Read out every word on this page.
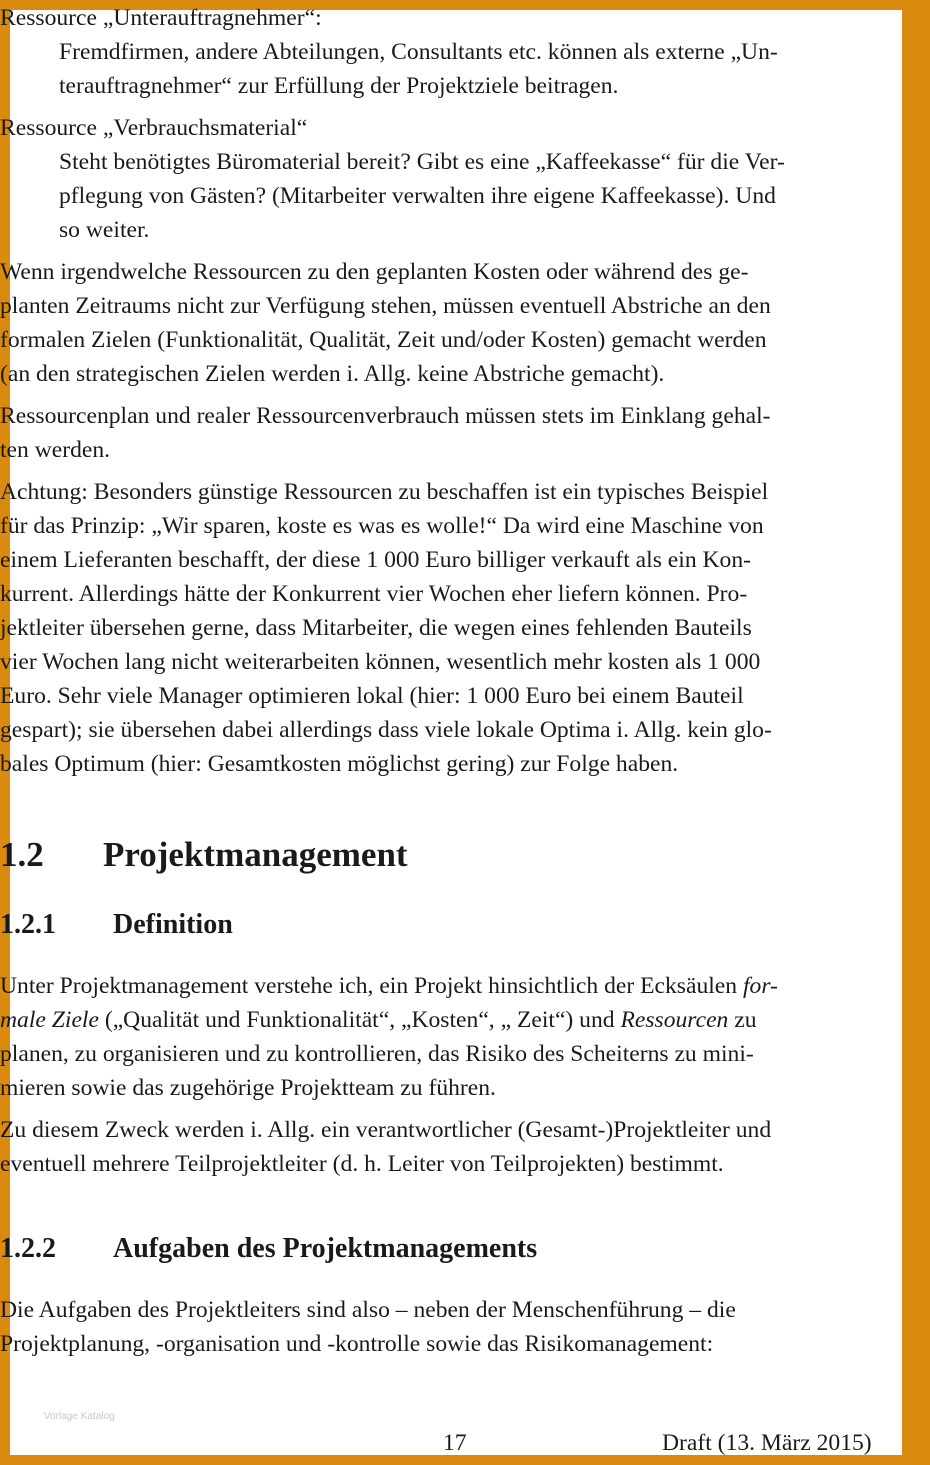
Ressource „Unterauftragnehmer“:
Fremdfirmen, andere Abteilungen, Consultants etc. können als externe „Un-
terauftragnehmer“ zur Erfüllung der Projektziele beitragen.
Ressource „Verbrauchsmaterial“
Steht benötigtes Büromaterial bereit? Gibt es eine „Kaffeekasse“ für die Ver-
pflegung von Gästen? (Mitarbeiter verwalten ihre eigene Kaffeekasse). Und
so weiter.
Wenn irgendwelche Ressourcen zu den geplanten Kosten oder während des ge-
planten Zeitraums nicht zur Verfügung stehen, müssen eventuell Abstriche an den
formalen Zielen (Funktionalität, Qualität, Zeit und/oder Kosten) gemacht werden
(an den strategischen Zielen werden i. Allg. keine Abstriche gemacht).
Ressourcenplan und realer Ressourcenverbrauch müssen stets im Einklang gehal-
ten werden.
Achtung: Besonders günstige Ressourcen zu beschaffen ist ein typisches Beispiel
für das Prinzip: „Wir sparen, koste es was es wolle!“ Da wird eine Maschine von
einem Lieferanten beschafft, der diese 1 000 Euro billiger verkauft als ein Kon-
kurrent. Allerdings hätte der Konkurrent vier Wochen eher liefern können. Pro-
jektleiter übersehen gerne, dass Mitarbeiter, die wegen eines fehlenden Bauteils
vier Wochen lang nicht weiterarbeiten können, wesentlich mehr kosten als 1 000
Euro. Sehr viele Manager optimieren lokal (hier: 1 000 Euro bei einem Bauteil
gespart); sie übersehen dabei allerdings dass viele lokale Optima i. Allg. kein glo-
bales Optimum (hier: Gesamtkosten möglichst gering) zur Folge haben.
1.2 Projektmanagement
1.2.1 Definition
Unter Projektmanagement verstehe ich, ein Projekt hinsichtlich der Ecksäulen for-
male Ziele („Qualität und Funktionalität“, „Kosten“, „ Zeit“) und Ressourcen zu
planen, zu organisieren und zu kontrollieren, das Risiko des Scheiterns zu mini-
mieren sowie das zugehörige Projektteam zu führen.
Zu diesem Zweck werden i. Allg. ein verantwortlicher (Gesamt-)Projektleiter und
eventuell mehrere Teilprojektleiter (d. h. Leiter von Teilprojekten) bestimmt.
1.2.2 Aufgaben des Projektmanagements
Die Aufgaben des Projektleiters sind also – neben der Menschenführung – die
Projektplanung, -organisation und -kontrolle sowie das Risikomanagement:
Vorlage Katalog
17	Draft (13. März 2015)
